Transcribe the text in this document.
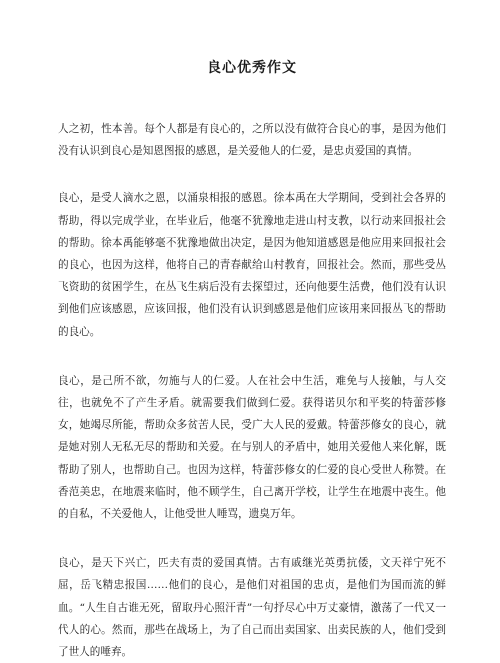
良心优秀作文

人之初，性本善。每个人都是有良心的，之所以没有做符合良心的事，是因为他们没有认识到良心是知恩图报的感恩，是关爱他人的仁爱，是忠贞爱国的真情。

良心，是受人滴水之恩，以涌泉相报的感恩。徐本禹在大学期间，受到社会各界的帮助，得以完成学业，在毕业后，他毫不犹豫地走进山村支教，以行动来回报社会的帮助。徐本禹能够毫不犹豫地做出决定，是因为他知道感恩是他应用来回报社会的良心，也因为这样，他将自己的青春献给山村教育，回报社会。然而，那些受丛飞资助的贫困学生，在丛飞生病后没有去探望过，还向他要生活费，他们没有认识到他们应该感恩，应该回报，他们没有认识到感恩是他们应该用来回报丛飞的帮助的良心。

良心，是己所不欲，勿施与人的仁爱。人在社会中生活，难免与人接触，与人交往，也就免不了产生矛盾。就需要我们做到仁爱。获得诺贝尔和平奖的特蕾莎修女，她竭尽所能，帮助众多贫苦人民，受广大人民的爱戴。特蕾莎修女的良心，就是她对别人无私无尽的帮助和关爱。在与别人的矛盾中，她用关爱他人来化解，既帮助了别人，也帮助自己。也因为这样，特蕾莎修女的仁爱的良心受世人称赞。在香范美忠，在地震来临时，他不顾学生，自己离开学校，让学生在地震中丧生。他的自私，不关爱他人，让他受世人唾骂，遗臭万年。

良心，是天下兴亡，匹夫有责的爱国真情。古有戚继光英勇抗倭，文天祥宁死不屈，岳飞精忠报国……他们的良心，是他们对祖国的忠贞，是他们为国而流的鲜血。“人生自古谁无死，留取丹心照汗青”一句抒尽心中万丈豪情，激荡了一代又一代人的心。然而，那些在战场上，为了自己而出卖国家、出卖民族的人，他们受到了世人的唾弃。
